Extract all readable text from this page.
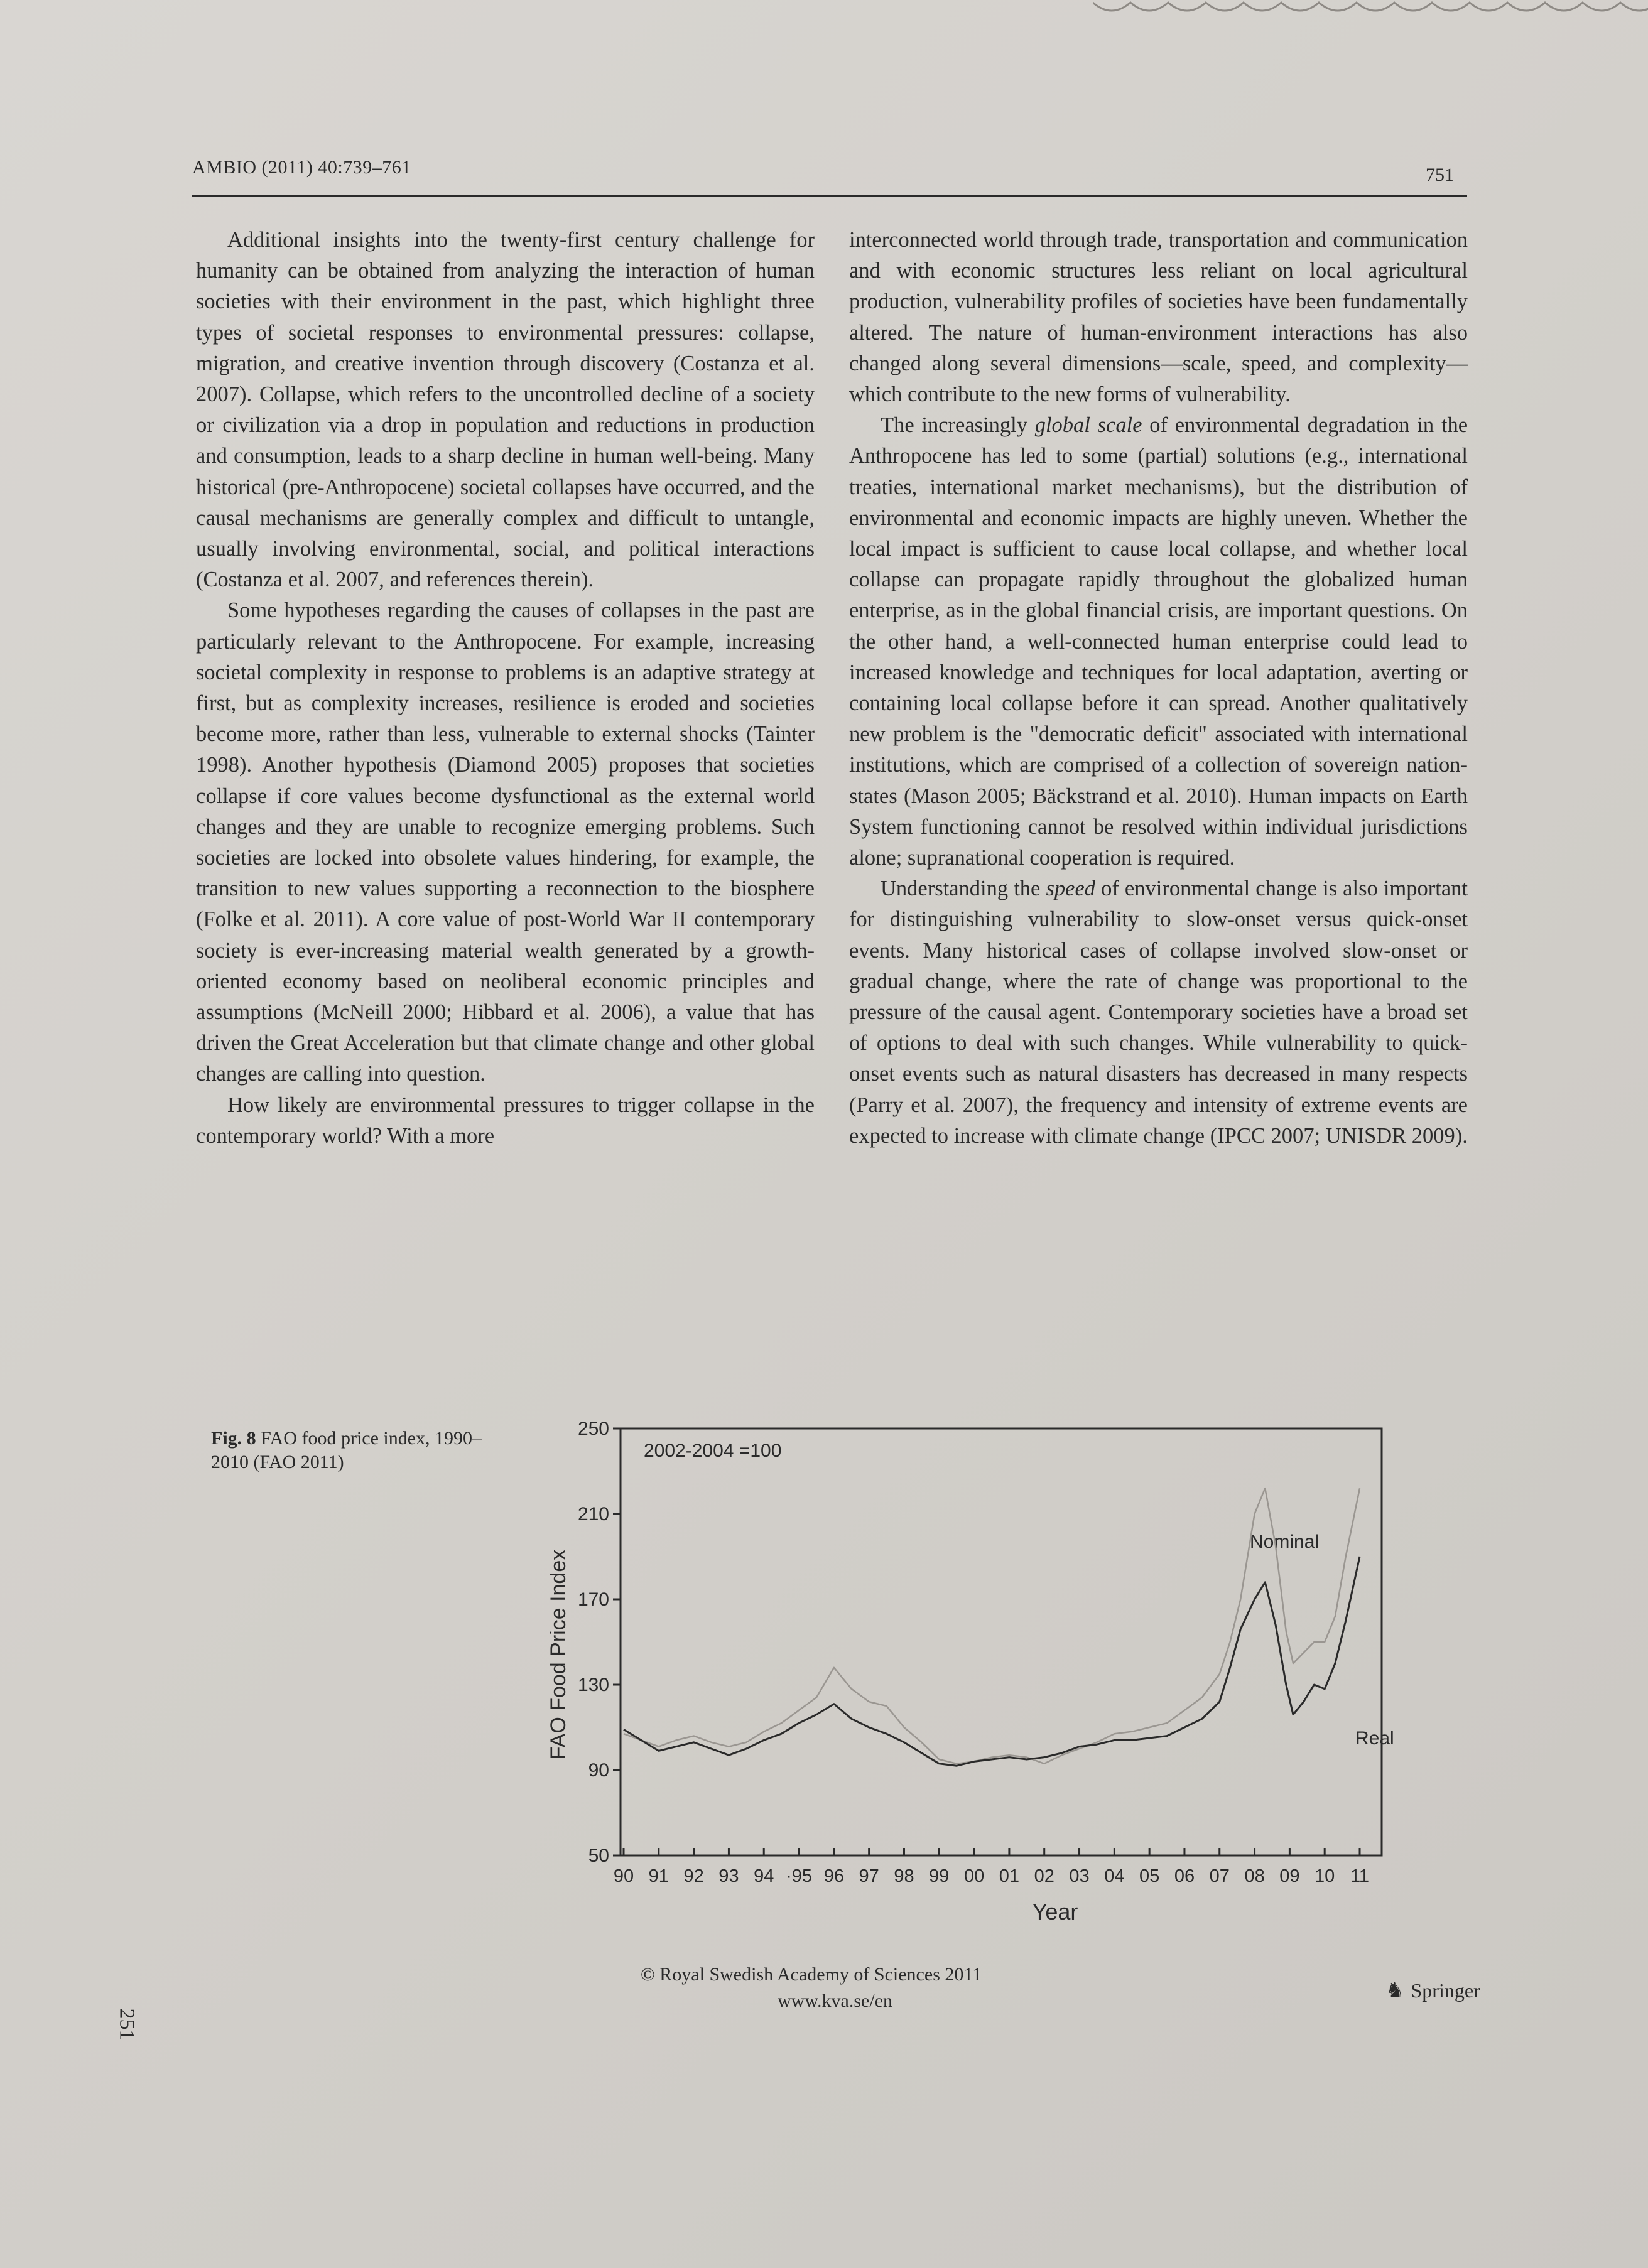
AMBIO (2011) 40:739–761	751

Additional insights into the twenty-first century challenge for humanity can be obtained from analyzing the interaction of human societies with their environment in the past, which highlight three types of societal responses to environmental pressures: collapse, migration, and creative invention through discovery (Costanza et al. 2007). Collapse, which refers to the uncontrolled decline of a society or civilization via a drop in population and reductions in production and consumption, leads to a sharp decline in human well-being. Many historical (pre-Anthropocene) societal collapses have occurred, and the causal mechanisms are generally complex and difficult to untangle, usually involving environmental, social, and political interactions (Costanza et al. 2007, and references therein).

Some hypotheses regarding the causes of collapses in the past are particularly relevant to the Anthropocene. For example, increasing societal complexity in response to problems is an adaptive strategy at first, but as complexity increases, resilience is eroded and societies become more, rather than less, vulnerable to external shocks (Tainter 1998). Another hypothesis (Diamond 2005) proposes that societies collapse if core values become dysfunctional as the external world changes and they are unable to recognize emerging problems. Such societies are locked into obsolete values hindering, for example, the transition to new values supporting a reconnection to the biosphere (Folke et al. 2011). A core value of post-World War II contemporary society is ever-increasing material wealth generated by a growth-oriented economy based on neoliberal economic principles and assumptions (McNeill 2000; Hibbard et al. 2006), a value that has driven the Great Acceleration but that climate change and other global changes are calling into question.

How likely are environmental pressures to trigger collapse in the contemporary world? With a more

interconnected world through trade, transportation and communication and with economic structures less reliant on local agricultural production, vulnerability profiles of societies have been fundamentally altered. The nature of human-environment interactions has also changed along several dimensions—scale, speed, and complexity—which contribute to the new forms of vulnerability.

The increasingly global scale of environmental degradation in the Anthropocene has led to some (partial) solutions (e.g., international treaties, international market mechanisms), but the distribution of environmental and economic impacts are highly uneven. Whether the local impact is sufficient to cause local collapse, and whether local collapse can propagate rapidly throughout the globalized human enterprise, as in the global financial crisis, are important questions. On the other hand, a well-connected human enterprise could lead to increased knowledge and techniques for local adaptation, averting or containing local collapse before it can spread. Another qualitatively new problem is the "democratic deficit" associated with international institutions, which are comprised of a collection of sovereign nation-states (Mason 2005; Bäckstrand et al. 2010). Human impacts on Earth System functioning cannot be resolved within individual jurisdictions alone; supranational cooperation is required.

Understanding the speed of environmental change is also important for distinguishing vulnerability to slow-onset versus quick-onset events. Many historical cases of collapse involved slow-onset or gradual change, where the rate of change was proportional to the pressure of the causal agent. Contemporary societies have a broad set of options to deal with such changes. While vulnerability to quick-onset events such as natural disasters has decreased in many respects (Parry et al. 2007), the frequency and intensity of extreme events are expected to increase with climate change (IPCC 2007; UNISDR 2009).

Fig. 8 FAO food price index, 1990–2010 (FAO 2011)
2002-2004 =100
FAO Food Price Index
Year
Nominal
Real
50
90
130
170
210
250
90 91 92 93 94 ·95 96 97 98 99 00 01 02 03 04 05 06 07 08 09 10 11
© Royal Swedish Academy of Sciences 2011
www.kva.se/en	♞ Springer
251
